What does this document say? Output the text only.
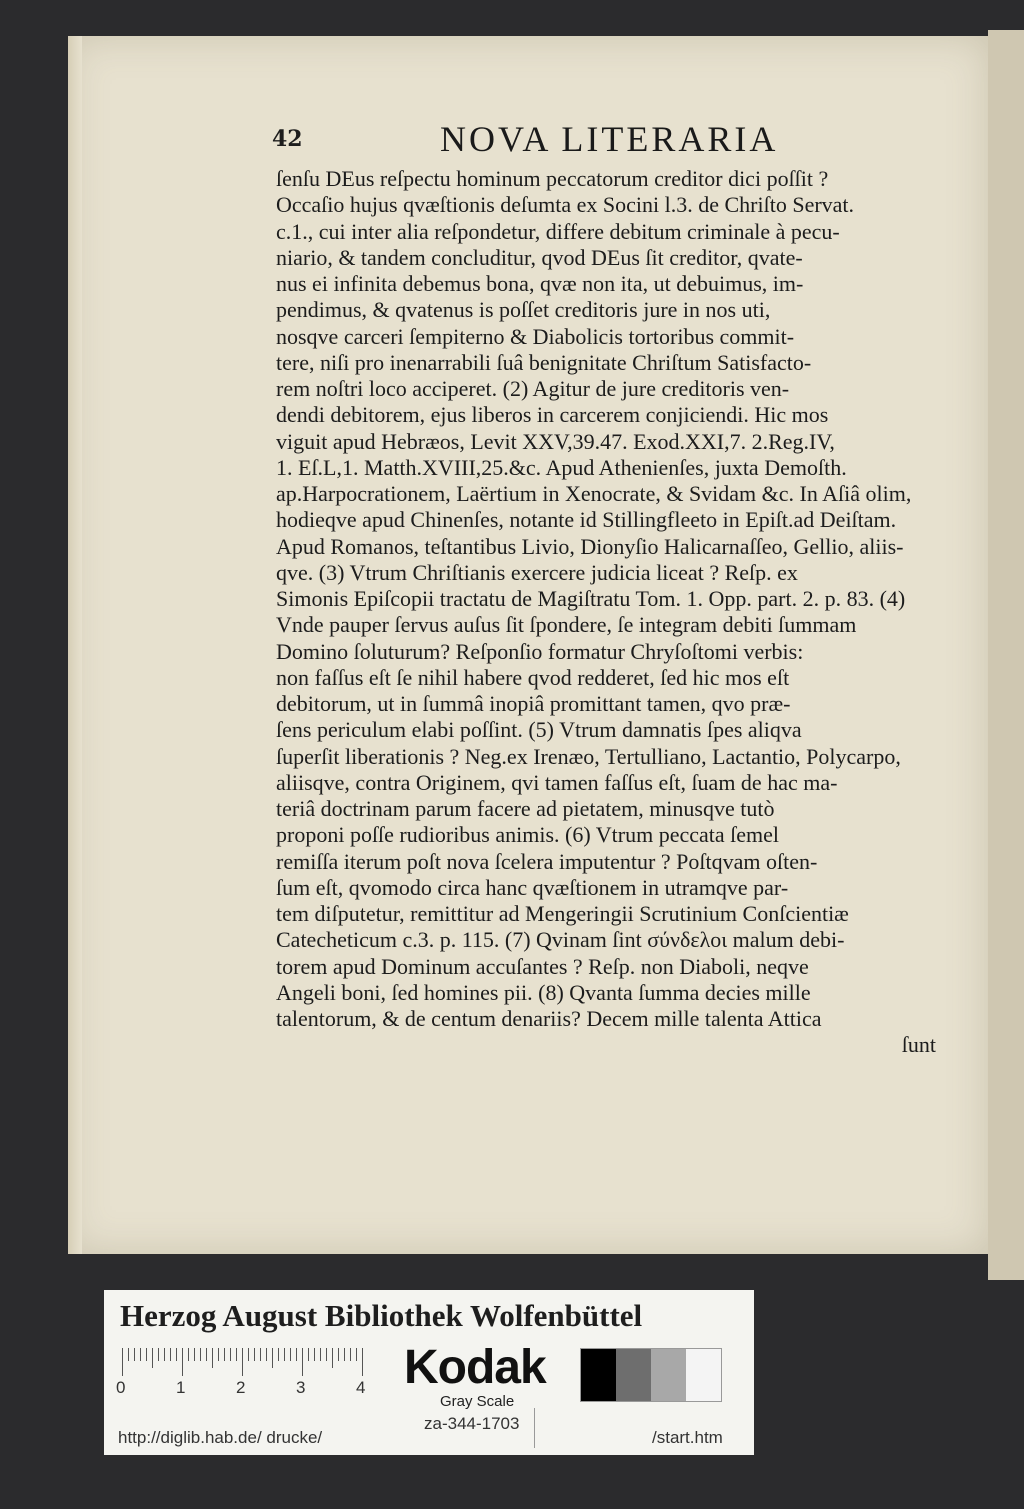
42	NOVA LITERARIA
ſenſu DEus reſpectu hominum peccatorum creditor dici poſſit ?
Occaſio hujus qvæſtionis deſumta ex Socini l.3. de Chriſto Servat.
c.1., cui inter alia reſpondetur, differe debitum criminale à pecu-
niario, & tandem concluditur, qvod DEus ſit creditor, qvate-
nus ei infinita debemus bona, qvæ non ita, ut debuimus, im-
pendimus, & qvatenus is poſſet creditoris jure in nos uti,
nosqve carceri ſempiterno & Diabolicis tortoribus commit-
tere, niſi pro inenarrabili ſuâ benignitate Chriſtum Satisfacto-
rem noſtri loco acciperet. (2) Agitur de jure creditoris ven-
dendi debitorem, ejus liberos in carcerem conjiciendi. Hic mos
viguit apud Hebræos, Levit XXV,39.47. Exod.XXI,7. 2.Reg.IV,
1. Eſ.L,1. Matth.XVIII,25.&c. Apud Athenienſes, juxta Demoſth.
ap.Harpocrationem, Laërtium in Xenocrate, & Svidam &c. In Aſiâ olim,
hodieqve apud Chinenſes, notante id Stillingfleeto in Epiſt.ad Deiſtam.
Apud Romanos, teſtantibus Livio, Dionyſio Halicarnaſſeo, Gellio, aliis-
qve. (3) Vtrum Chriſtianis exercere judicia liceat ? Reſp. ex
Simonis Epiſcopii tractatu de Magiſtratu Tom. 1. Opp. part. 2. p. 83. (4)
Vnde pauper ſervus auſus ſit ſpondere, ſe integram debiti ſummam
Domino ſoluturum? Reſponſio formatur Chryſoſtomi verbis:
non faſſus eſt ſe nihil habere qvod redderet, ſed hic mos eſt
debitorum, ut in ſummâ inopiâ promittant tamen, qvo præ-
ſens periculum elabi poſſint. (5) Vtrum damnatis ſpes aliqva
ſuperſit liberationis ? Neg.ex Irenæo, Tertulliano, Lactantio, Polycarpo,
aliisqve, contra Originem, qvi tamen faſſus eſt, ſuam de hac ma-
teriâ doctrinam parum facere ad pietatem, minusqve tutò
proponi poſſe rudioribus animis. (6) Vtrum peccata ſemel
remiſſa iterum poſt nova ſcelera imputentur ? Poſtqvam oſten-
ſum eſt, qvomodo circa hanc qvæſtionem in utramqve par-
tem diſputetur, remittitur ad Mengeringii Scrutinium Conſcientiæ
Catecheticum c.3. p. 115. (7) Qvinam ſint σύνδελοι malum debi-
torem apud Dominum accuſantes ? Reſp. non Diaboli, neqve
Angeli boni, ſed homines pii. (8) Qvanta ſumma decies mille
talentorum, & de centum denariis? Decem mille talenta Attica
ſunt
Herzog August Bibliothek Wolfenbüttel
0	1	2	3	4 Kodak
Gray Scale
za-344-1703
http://diglib.hab.de/ drucke/	/start.htm
